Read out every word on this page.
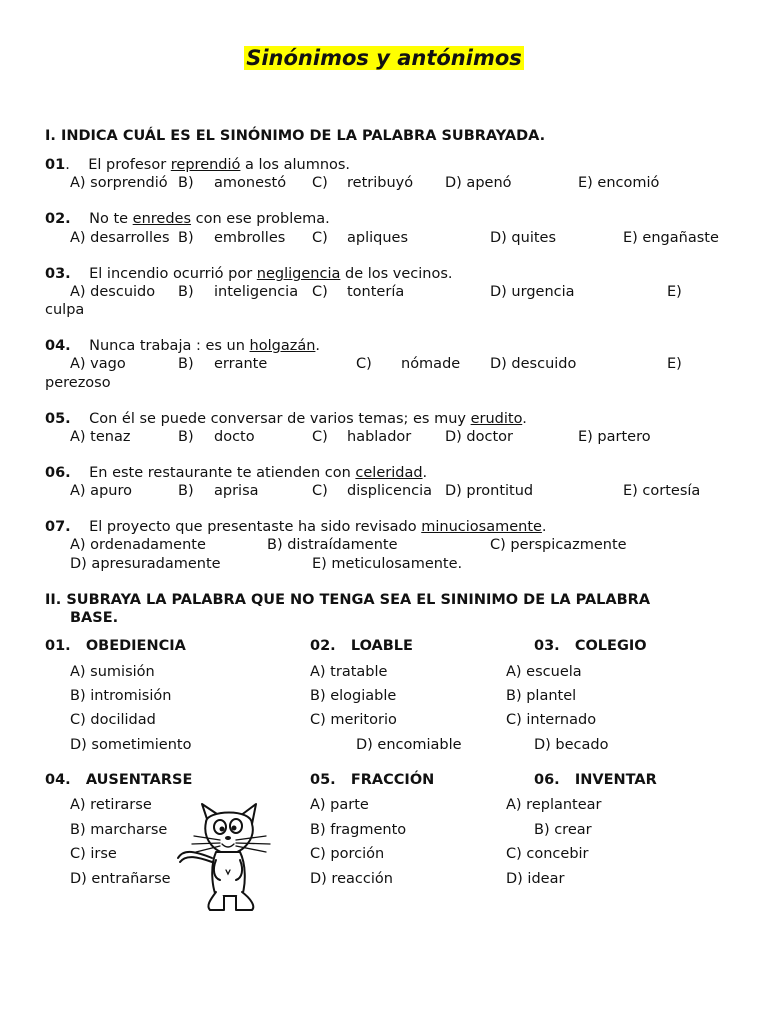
Sinónimos y antónimos
I. INDICA CUÁL ES EL SINÓNIMO DE LA PALABRA SUBRAYADA.
01.    El profesor reprendió a los alumnos.
A) sorprendió B) amonestó C) retribuyó D) apenó	E) encomió
02. No te enredes con ese problema.
A) desarrolles B) embrolles C) apliques	D) quites	E) engañaste
03. El incendio ocurrió por negligencia de los vecinos.
A) descuido B) inteligencia C) tontería	D) urgencia	E)
culpa
04. Nunca trabaja : es un holgazán.
A) vago	B) errante	C) nómade D) descuido	E)
perezoso
05. Con él se puede conversar de varios temas; es muy erudito.
A) tenaz	B) docto	C) hablador D) doctor	E) partero
06. En este restaurante te atienden con celeridad.
A) apuro	B) aprisa	C) displicencia D) prontitud	E) cortesía
07. El proyecto que presentaste ha sido revisado minuciosamente.
A) ordenadamente	B) distraídamente	C) perspicazmente
D) apresuradamente	E) meticulosamente.
II. SUBRAYA LA PALABRA QUE NO TENGA SEA EL SININIMO DE LA PALABRA
BASE.
01. OBEDIENCIA
A) sumisión
B) intromisión
C) docilidad
D) sometimiento
02. LOABLE
A) tratable
B) elogiable
C) meritorio
D) encomiable
03. COLEGIO
A) escuela
B) plantel
C) internado
D) becado
04. AUSENTARSE
A) retirarse
B) marcharse
C) irse
D) entrañarse
05. FRACCIÓN
A) parte
B) fragmento
C) porción
D) reacción
06. INVENTAR
A) replantear
B) crear
C) concebir
D) idear
